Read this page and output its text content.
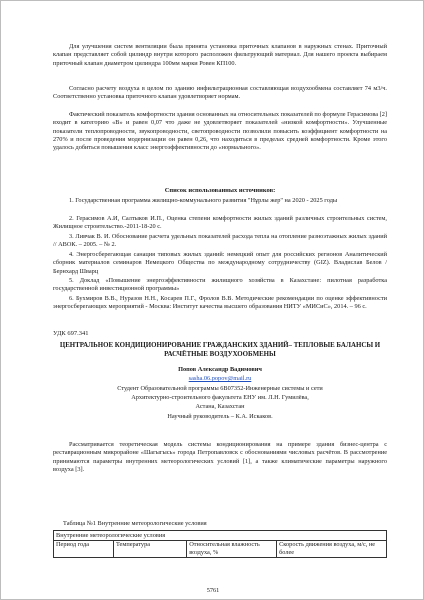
Для улучшения систем вентиляции была принята установка приточных клапанов в наружных стенах. Приточный клапан представляет собой цилиндр внутри которого расположен фильтрующий материал. Для нашего проекта выбираем приточный клапан диаметром цилиндра 100мм марки Ровен КП100.
Согласно расчету воздуха в целом по зданию инфильтрационная составляющая воздухообмена составляет 74 м3/ч. Соответственно установка приточного клапан удовлетворяет нормам.
Фактический показатель комфортности здания основанных на относительных показателей по формуле Герасимова [2] входит в категорию «В» и равен 0,07 что даже не удовлетворяет показателей «низкой комфортности». Улучшенные показатели теплопроводности, звукопроводности, светопроводности позволили повысить коэффициент комфортности на 270% и после проведения модернизации он равен 0,26, что находиться в пределах средней комфортности. Кроме этого удалось добиться повышения класс энергоэффективности до «нормального».
Список использованных источников:
1. Государственная программа жилищно-коммунального развития "Нұрлы жер" на 2020 - 2025 годы
2. Герасимов А.И, Салтыков И.П., Оценка степени комфортности жилых зданий различных строительных систем, Жилищное строительство.-2011-18-20 с.
3. Ливчак В. И. Обоснование расчета удельных показателей расхода тепла на отопление разноэтажных жилых зданий // АВОК. – 2005. – № 2.
4. Энергосберегающая санация типовых жилых зданий: немецкий опыт для российских регионов Аналитический сборник материалов семинаров Немецкого Общества по международному сотрудничеству (GIZ). Владислав Белов / Бернхард Шварц
5. Доклад «Повышение энергоэффективности жилищного хозяйства в Казахстане: пилотная разработка государственной инвестиционной программы»
6. Бухмиров В.В., Нуразов Н.Н., Косарев П.Г., Фролов В.В. Методические рекомендации по оценке эффективности энергосберегающих мероприятий - Москва: Институт качества высшего образования НИТУ «МИСиС», 2014. – 96 с.
УДК 697.341
ЦЕНТРАЛЬНОЕ КОНДИЦИОНИРОВАНИЕ ГРАЖДАНСКИХ ЗДАНИЙ– ТЕПЛОВЫЕ БАЛАНСЫ И РАСЧЁТНЫЕ ВОЗДУХООБМЕНЫ
Попов Александр Вадимович
sasha.06.popov@mail.ru
Студент Образовательной программы 6В07352-Инженерные системы и сети
Архитектурно-строительного факультета ЕНУ им. Л.Н. Гумилёва,
Астана, Казахстан
Научный руководитель – К.А. Искаков.
Рассматривается теоретическая модель системы кондиционирования на примере здания бизнес-центра с реставрационным микрорайоне «Шагыгысь» города Петропавловск с обоснованиями числовых расчётов. В рассмотрение принимаются параметры внутренних метеорологических условий [1], а также климатические параметры наружного воздуха [3].
Таблица №1 Внутренние метеорологические условия
Внутренние метеорологические условия
Период года	Температура	Относительная влажность воздуха, %	Скорость движения воздуха, м/с, не более
5761
